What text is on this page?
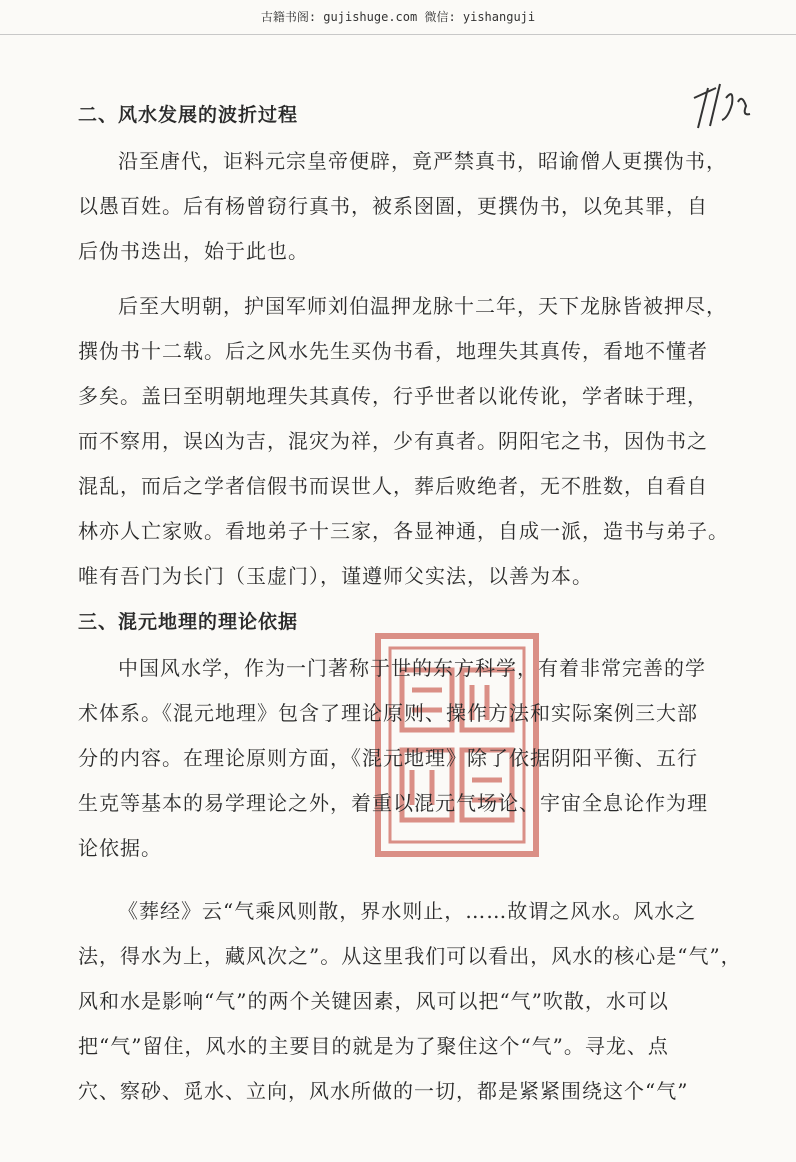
古籍书阁: gujishuge.com 微信: yishanguji
二、风水发展的波折过程
沿至唐代，讵料元宗皇帝便辟，竟严禁真书，昭谕僧人更撰伪书，
以愚百姓。后有杨曾窃行真书，被系囹圄，更撰伪书，以免其罪，自
后伪书迭出，始于此也。
后至大明朝，护国军师刘伯温押龙脉十二年，天下龙脉皆被押尽，
撰伪书十二载。后之风水先生买伪书看，地理失其真传，看地不懂者
多矣。盖曰至明朝地理失其真传，行乎世者以讹传讹，学者昧于理，
而不察用，误凶为吉，混灾为祥，少有真者。阴阳宅之书，因伪书之
混乱，而后之学者信假书而误世人，葬后败绝者，无不胜数，自看自
林亦人亡家败。看地弟子十三家，各显神通，自成一派，造书与弟子。
唯有吾门为长门（玉虚门），谨遵师父实法，以善为本。
三、混元地理的理论依据
中国风水学，作为一门著称于世的东方科学，有着非常完善的学
术体系。《混元地理》包含了理论原则、操作方法和实际案例三大部
分的内容。在理论原则方面，《混元地理》除了依据阴阳平衡、五行
生克等基本的易学理论之外，着重以混元气场论、宇宙全息论作为理
论依据。
《葬经》云“气乘风则散，界水则止，……故谓之风水。风水之
法，得水为上，藏风次之”。从这里我们可以看出，风水的核心是“气”，
风和水是影响“气”的两个关键因素，风可以把“气”吹散，水可以
把“气”留住，风水的主要目的就是为了聚住这个“气”。寻龙、点
穴、察砂、觅水、立向，风水所做的一切，都是紧紧围绕这个“气”
